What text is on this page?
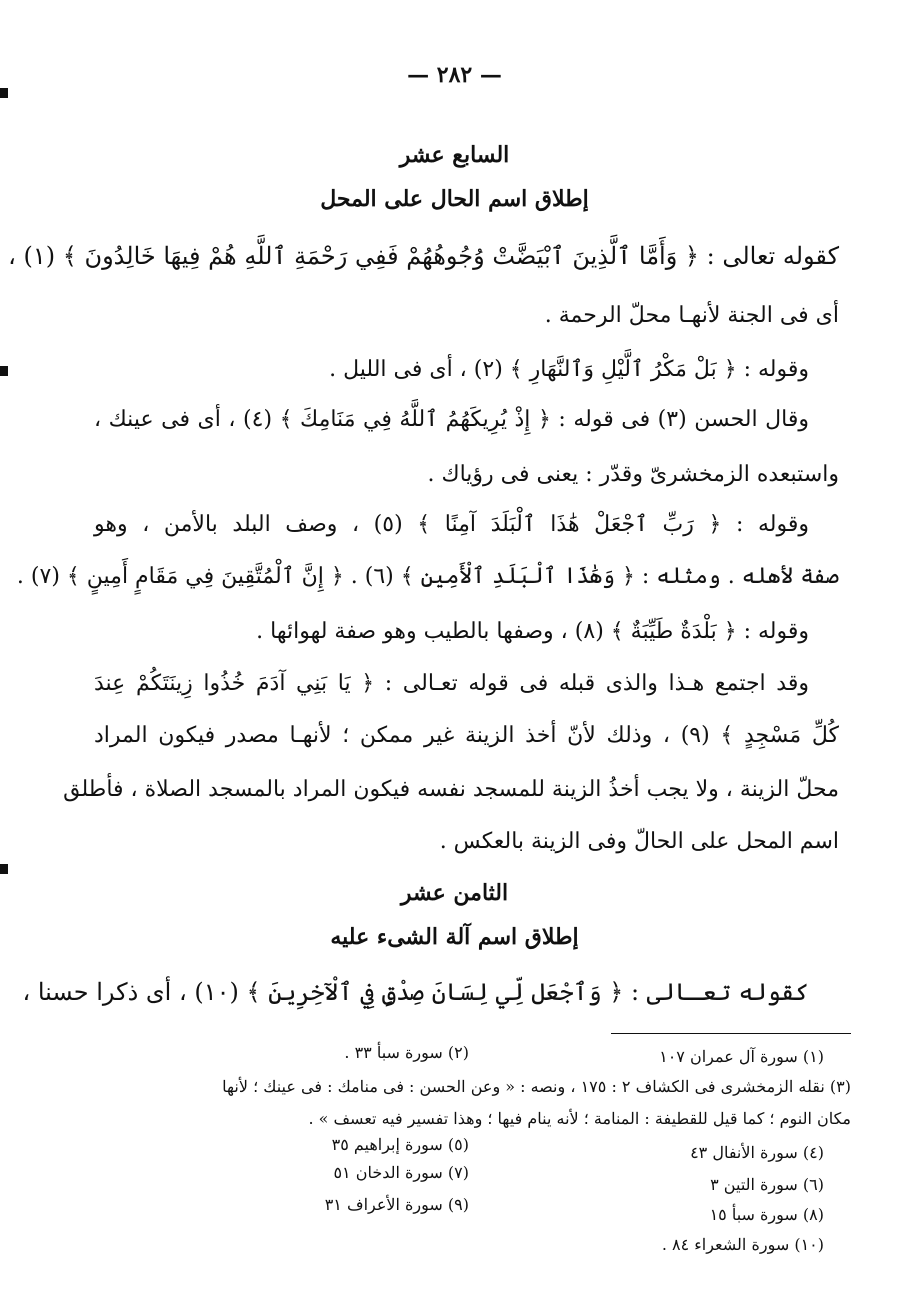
— ٢٨٢ —
السابع عشر
إطلاق اسم الحال على المحل
كقوله تعالى : ﴿ وَأَمَّا ٱلَّذِينَ ٱبْيَضَّتْ وُجُوهُهُمْ فَفِي رَحْمَةِ ٱللَّهِ هُمْ فِيهَا خَالِدُونَ ﴾ (١) ،
أى فى الجنة لأنهـا محلّ الرحمة .
وقوله : ﴿ بَلْ مَكْرُ ٱلَّيْلِ وَٱلنَّهَارِ ﴾ (٢) ، أى فى الليل .
وقال الحسن (٣) فى قوله : ﴿ إِذْ يُرِيكَهُمُ ٱللَّهُ فِي مَنَامِكَ ﴾ (٤) ، أى فى عينك ،
واستبعده الزمخشرىّ وقدّر : يعنى فى رؤياك .
وقوله : ﴿ رَبِّ ٱجْعَلْ هَٰذَا ٱلْبَلَدَ آمِنًا ﴾ (٥) ، وصف البلد بالأمن ، وهو
صفة لأهله . ومثله : ﴿ وَهَٰذَا ٱلْبَلَدِ ٱلْأَمِينِ ﴾ (٦) . ﴿ إِنَّ ٱلْمُتَّقِينَ فِي مَقَامٍ أَمِينٍ ﴾ (٧) .
وقوله : ﴿ بَلْدَةٌ طَيِّبَةٌ ﴾ (٨) ، وصفها بالطيب وهو صفة لهوائها .
وقد اجتمع هـذا والذى قبله فى قوله تعـالى : ﴿ يَا بَنِي آدَمَ خُذُوا زِينَتَكُمْ عِندَ
كُلِّ مَسْجِدٍ ﴾ (٩) ، وذلك لأنّ أخذ الزينة غير ممكن ؛ لأنهـا مصدر فيكون المراد
محلّ الزينة ، ولا يجب أخذُ الزينة للمسجد نفسه فيكون المراد بالمسجد الصلاة ، فأطلق
اسم المحل على الحالّ وفى الزينة بالعكس .
الثامن عشر
إطلاق اسم آلة الشىء عليه
كقوله تعـالى : ﴿ وَٱجْعَل لِّي لِسَانَ صِدْقٍ فِي ٱلْآخِرِينَ ﴾ (١٠) ، أى ذكرا حسنا ،
(١) سورة آل عمران ١٠٧
(٢) سورة سبأ ٣٣ .
(٣) نقله الزمخشرى فى الكشاف ٢ : ١٧٥ ، ونصه : « وعن الحسن : فى منامك : فى عينك ؛ لأنها
مكان النوم ؛ كما قيل للقطيفة : المنامة ؛ لأنه ينام فيها ؛ وهذا تفسير فيه تعسف » .
(٤) سورة الأنفال ٤٣
(٥) سورة إبراهيم ٣٥
(٦) سورة التين ٣
(٧) سورة الدخان ٥١
(٨) سورة سبأ ١٥
(٩) سورة الأعراف ٣١
(١٠) سورة الشعراء ٨٤ .
